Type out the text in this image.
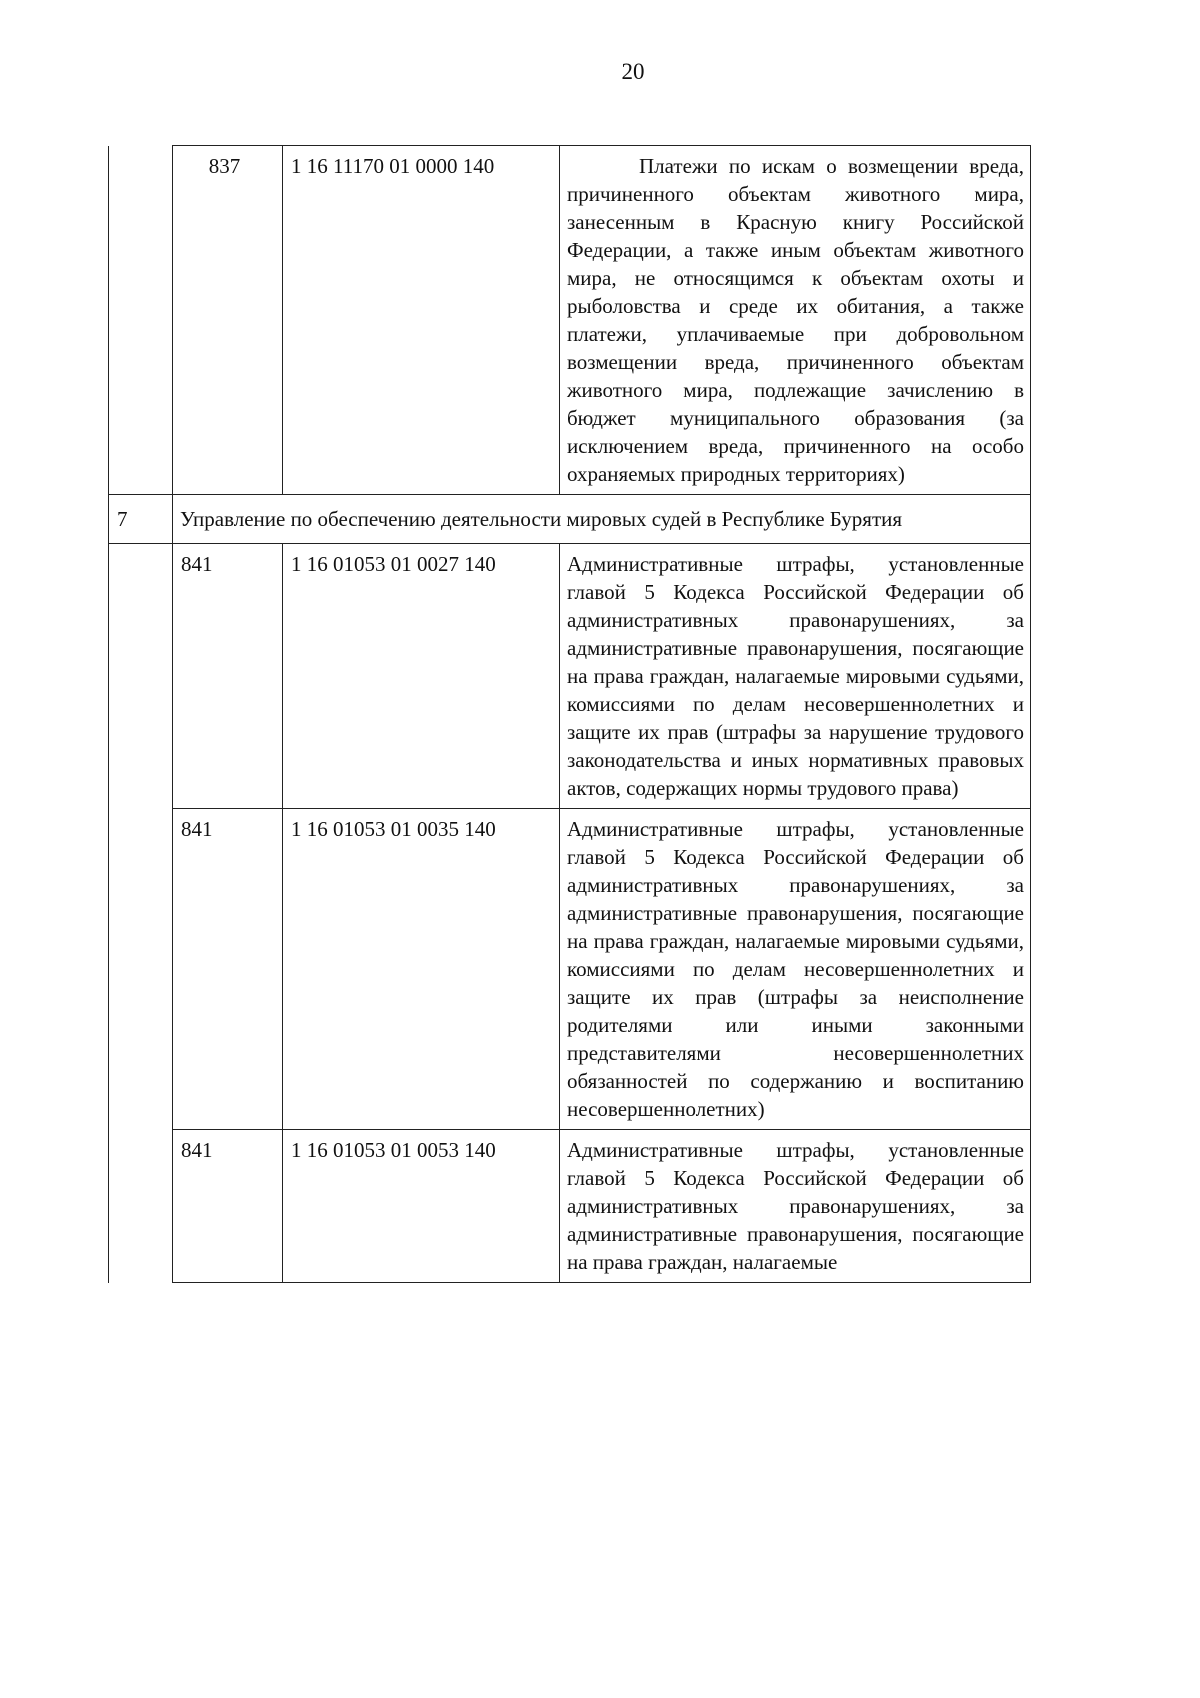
20
	837	1 16 11170 01 0000 140	Платежи по искам о возмещении вреда, причиненного объектам животного мира, занесенным в Красную книгу Российской Федерации, а также иным объектам животного мира, не относящимся к объектам охоты и рыболовства и среде их обитания, а также платежи, уплачиваемые при добровольном возмещении вреда, причиненного объектам животного мира, подлежащие зачислению в бюджет муниципального образования (за исключением вреда, причиненного на особо охраняемых природных территориях)
7	Управление по обеспечению деятельности мировых судей в Республике Бурятия		
	841	1 16 01053 01 0027 140	Административные штрафы, установленные главой 5 Кодекса Российской Федерации об административных правонарушениях, за административные правонарушения, посягающие на права граждан, налагаемые мировыми судьями, комиссиями по делам несовершеннолетних и защите их прав (штрафы за нарушение трудового законодательства и иных нормативных правовых актов, содержащих нормы трудового права)
	841	1 16 01053 01 0035 140	Административные штрафы, установленные главой 5 Кодекса Российской Федерации об административных правонарушениях, за административные правонарушения, посягающие на права граждан, налагаемые мировыми судьями, комиссиями по делам несовершеннолетних и защите их прав (штрафы за неисполнение родителями или иными законными представителями несовершеннолетних обязанностей по содержанию и воспитанию несовершеннолетних)
	841	1 16 01053 01 0053 140	Административные штрафы, установленные главой 5 Кодекса Российской Федерации об административных правонарушениях, за административные правонарушения, посягающие на права граждан, налагаемые
